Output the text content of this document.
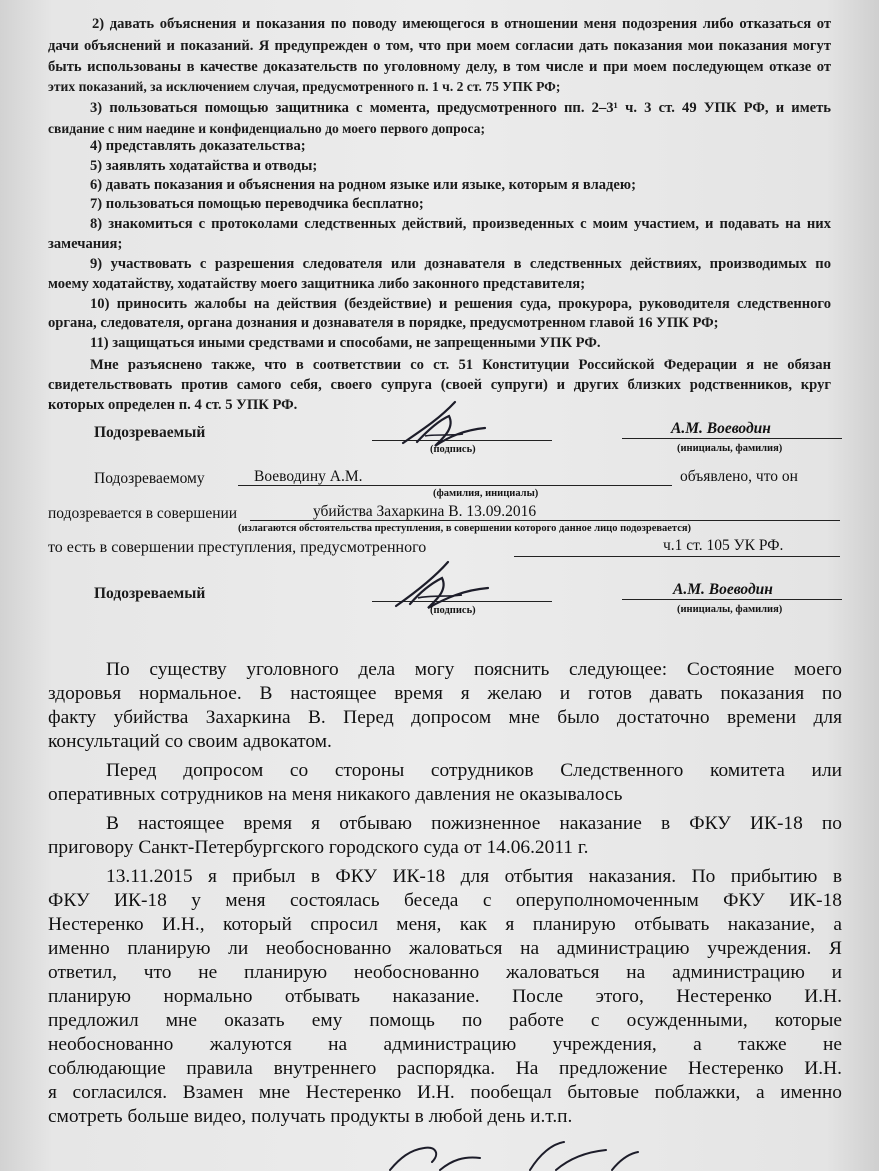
2) давать объяснения и показания по поводу имеющегося в отношении меня подозрения либо отказаться от
дачи объяснений и показаний. Я предупрежден о том, что при моем согласии дать показания мои показания могут
быть использованы в качестве доказательств по уголовному делу, в том числе и при моем последующем отказе от
этих показаний, за исключением случая, предусмотренного п. 1 ч. 2 ст. 75 УПК РФ;
3) пользоваться помощью защитника с момента, предусмотренного пп. 2–3¹ ч. 3 ст. 49 УПК РФ, и иметь
свидание с ним наедине и конфиденциально до моего первого допроса;
4) представлять доказательства;
5) заявлять ходатайства и отводы;
6) давать показания и объяснения на родном языке или языке, которым я владею;
7) пользоваться помощью переводчика бесплатно;
8) знакомиться с протоколами следственных действий, произведенных с моим участием, и подавать на них
замечания;
9) участвовать с разрешения следователя или дознавателя в следственных действиях, производимых по
моему ходатайству, ходатайству моего защитника либо законного представителя;
10) приносить жалобы на действия (бездействие) и решения суда, прокурора, руководителя следственного
органа, следователя, органа дознания и дознавателя в порядке, предусмотренном главой 16 УПК РФ;
11) защищаться иными средствами и способами, не запрещенными УПК РФ.
Мне разъяснено также, что в соответствии со ст. 51 Конституции Российской Федерации я не обязан
свидетельствовать против самого себя, своего супруга (своей супруги) и других близких родственников, круг
которых определен п. 4 ст. 5 УПК РФ.
Подозреваемый
(подпись)
А.М. Воеводин
(инициалы, фамилия)
Подозреваемому	Воеводину А.М.	объявлено, что он
(фамилия, инициалы)
подозревается в совершении	убийства Захаркина В. 13.09.2016
(излагаются обстоятельства преступления, в совершении которого данное лицо подозревается)
то есть в совершении преступления, предусмотренного	ч.1 ст. 105 УК РФ.
Подозреваемый
(подпись)
А.М. Воеводин
(инициалы, фамилия)
По существу уголовного дела могу пояснить следующее: Состояние моего
здоровья нормальное. В настоящее время я желаю и готов давать показания по
факту убийства Захаркина В. Перед допросом мне было достаточно времени для
консультаций со своим адвокатом.
Перед допросом со стороны сотрудников Следственного комитета или
оперативных сотрудников на меня никакого давления не оказывалось
В настоящее время я отбываю пожизненное наказание в ФКУ ИК-18 по
приговору Санкт-Петербургского городского суда от 14.06.2011 г.
13.11.2015 я прибыл в ФКУ ИК-18 для отбытия наказания. По прибытию в
ФКУ ИК-18 у меня состоялась беседа с оперуполномоченным ФКУ ИК-18
Нестеренко И.Н., который спросил меня, как я планирую отбывать наказание, а
именно планирую ли необоснованно жаловаться на администрацию учреждения. Я
ответил, что не планирую необоснованно жаловаться на администрацию и
планирую нормально отбывать наказание. После этого, Нестеренко И.Н.
предложил мне оказать ему помощь по работе с осужденными, которые
необоснованно жалуются на администрацию учреждения, а также не
соблюдающие правила внутреннего распорядка. На предложение Нестеренко И.Н.
я согласился. Взамен мне Нестеренко И.Н. пообещал бытовые поблажки, а именно
смотреть больше видео, получать продукты в любой день и.т.п.
